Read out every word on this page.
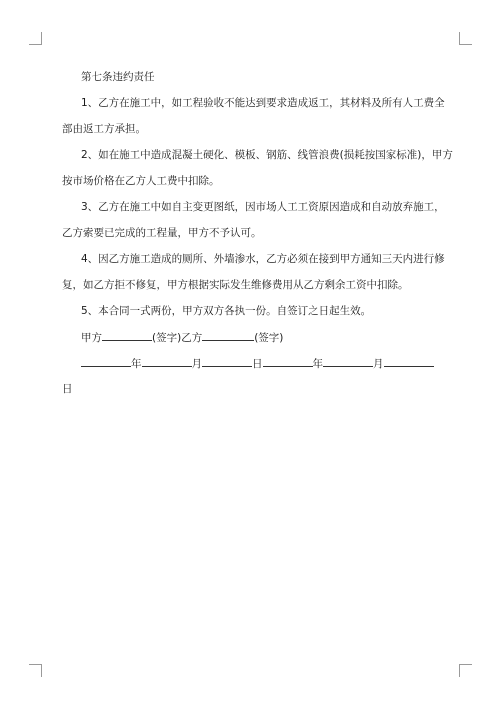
第七条违约责任
1、乙方在施工中，如工程验收不能达到要求造成返工，其材料及所有人工费全
部由返工方承担。
2、如在施工中造成混凝土硬化、模板、钢筋、线管浪费(损耗按国家标准)，甲方
按市场价格在乙方人工费中扣除。
3、乙方在施工中如自主变更图纸，因市场人工工资原因造成和自动放弃施工，
乙方索要已完成的工程量，甲方不予认可。
4、因乙方施工造成的厕所、外墙渗水，乙方必须在接到甲方通知三天内进行修
复，如乙方拒不修复，甲方根据实际发生维修费用从乙方剩余工资中扣除。
5、本合同一式两份，甲方双方各执一份。自签订之日起生效。
甲方	(签字)乙方	(签字)
年	月	日	年	月
日
